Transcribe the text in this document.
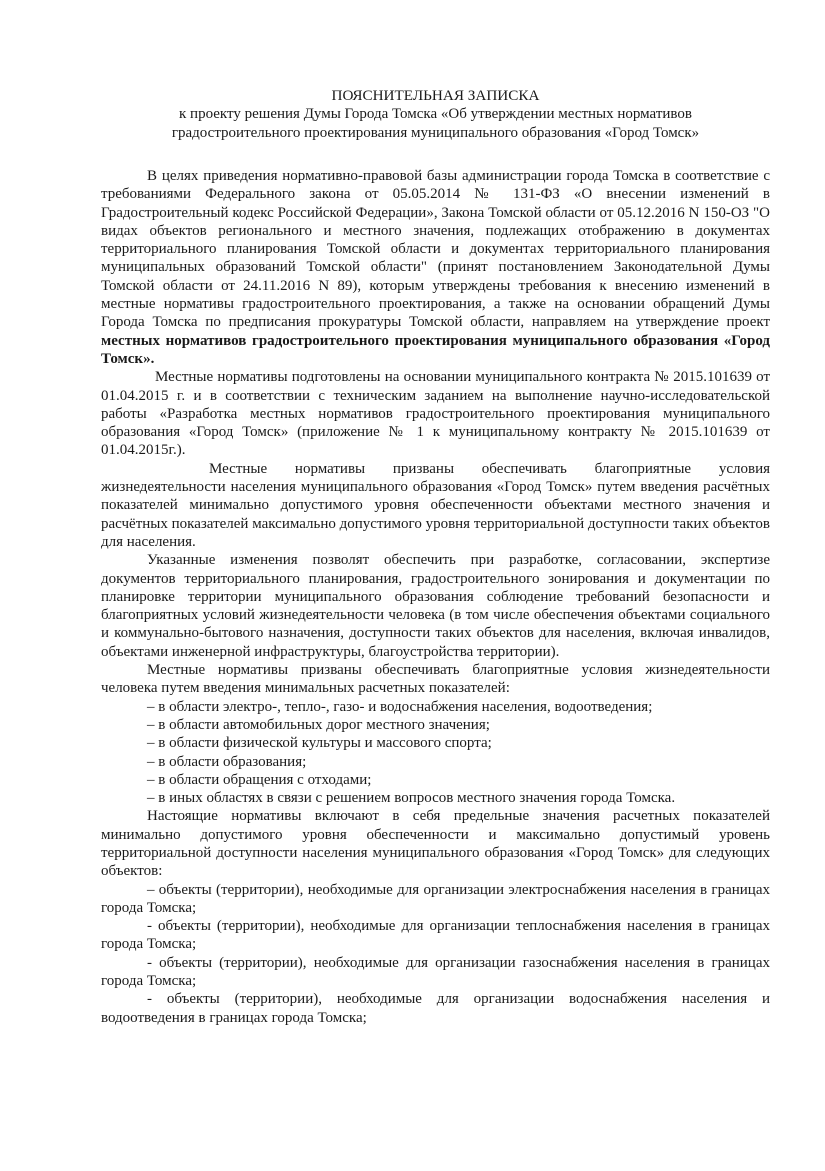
ПОЯСНИТЕЛЬНАЯ ЗАПИСКА
к проекту решения Думы Города Томска «Об утверждении местных нормативов
градостроительного проектирования муниципального образования «Город Томск»

В целях приведения нормативно-правовой базы администрации города Томска в соответствие с требованиями Федерального закона от 05.05.2014 № 131-ФЗ «О внесении изменений в Градостроительный кодекс Российской Федерации», Закона Томской области от 05.12.2016 N 150-ОЗ "О видах объектов регионального и местного значения, подлежащих отображению в документах территориального планирования Томской области и документах территориального планирования муниципальных образований Томской области" (принят постановлением Законодательной Думы Томской области от 24.11.2016 N 89), которым утверждены требования к внесению изменений в местные нормативы градостроительного проектирования, а также на основании обращений Думы Города Томска по предписания прокуратуры Томской области, направляем на утверждение проект местных нормативов градостроительного проектирования муниципального образования «Город Томск».

Местные нормативы подготовлены на основании муниципального контракта № 2015.101639 от 01.04.2015 г. и в соответствии с техническим заданием на выполнение научно-исследовательской работы «Разработка местных нормативов градостроительного проектирования муниципального образования «Город Томск» (приложение № 1 к муниципальному контракту № 2015.101639 от 01.04.2015г.).

Местные нормативы призваны обеспечивать благоприятные условия жизнедеятельности населения муниципального образования «Город Томск» путем введения расчётных показателей минимально допустимого уровня обеспеченности объектами местного значения и расчётных показателей максимально допустимого уровня территориальной доступности таких объектов для населения.

Указанные изменения позволят обеспечить при разработке, согласовании, экспертизе документов территориального планирования, градостроительного зонирования и документации по планировке территории муниципального образования соблюдение требований безопасности и благоприятных условий жизнедеятельности человека (в том числе обеспечения объектами социального и коммунально-бытового назначения, доступности таких объектов для населения, включая инвалидов, объектами инженерной инфраструктуры, благоустройства территории).

Местные нормативы призваны обеспечивать благоприятные условия жизнедеятельности человека путем введения минимальных расчетных показателей:

– в области электро-, тепло-, газо- и водоснабжения населения, водоотведения;

– в области автомобильных дорог местного значения;

– в области физической культуры и массового спорта;

– в области образования;

– в области обращения с отходами;

– в иных областях в связи с решением вопросов местного значения города Томска.

Настоящие нормативы включают в себя предельные значения расчетных показателей минимально допустимого уровня обеспеченности и максимально допустимый уровень территориальной доступности населения муниципального образования «Город Томск» для следующих объектов:

– объекты (территории), необходимые для организации электроснабжения населения в границах города Томска;

- объекты (территории), необходимые для организации теплоснабжения населения в границах города Томска;

- объекты (территории), необходимые для организации газоснабжения населения в границах города Томска;

- объекты (территории), необходимые для организации водоснабжения населения и водоотведения в границах города Томска;
